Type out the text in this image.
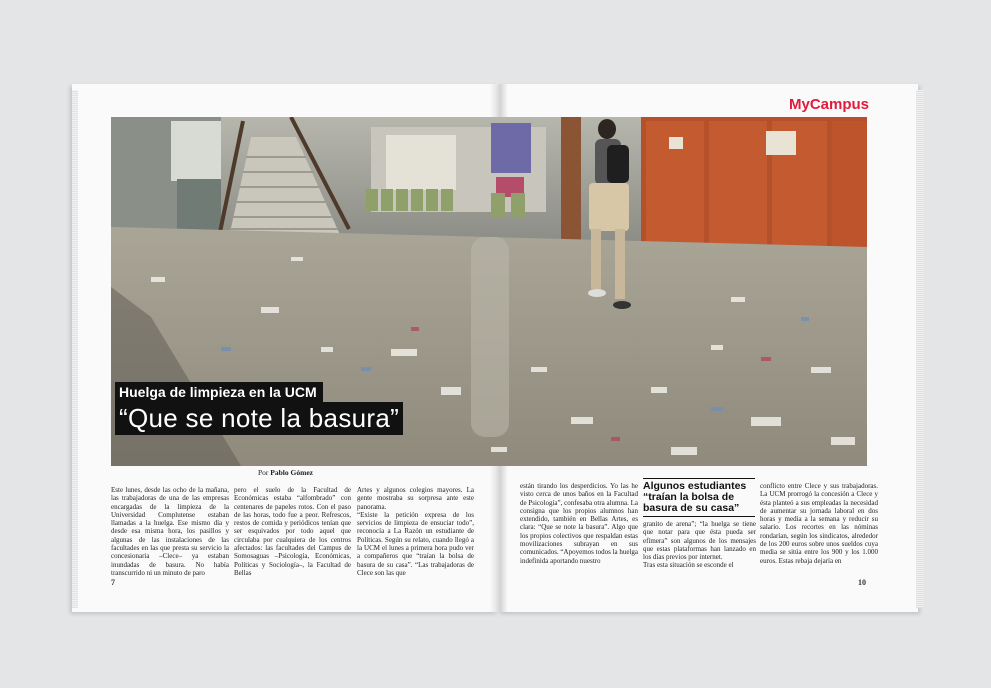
MyCampus
Huelga de limpieza en la UCM
“Que se note la basura”
Por Pablo Gómez

Este lunes, desde las ocho de la mañana, las trabajadoras de una de las empresas encargadas de la limpieza de la Universidad Complutense estaban llamadas a la huelga. Ese mismo día y desde esa misma hora, los pasillos y algunas de las instalaciones de las facultades en las que presta su servicio la concesionaria –Clece– ya estaban inundadas de basura. No había transcurrido ni un minuto de paro

pero el suelo de la Facultad de Económicas estaba “alfombrado” con centenares de papeles rotos. Con el paso de las horas, todo fue a peor. Refrescos, restos de comida y periódicos tenían que ser esquivados por todo aquel que circulaba por cualquiera de los centros afectados: las facultades del Campus de Somosaguas –Psicología, Económicas, Políticas y Sociología–, la Facultad de Bellas

Artes y algunos colegios mayores. La gente mostraba su sorpresa ante este panorama.
“Existe la petición expresa de los servicios de limpieza de ensuciar todo”, reconocía a La Razón un estudiante de Políticas. Según su relato, cuando llegó a la UCM el lunes a primera hora pudo ver a compañeros que “traían la bolsa de basura de su casa”. “Las trabajadoras de Clece son las que

están tirando los desperdicios. Yo las he visto cerca de unos baños en la Facultad de Psicología”, confesaba otra alumna. La consigna que los propios alumnos han extendido, también en Bellas Artes, es clara: “Que se note la basura”. Algo que los propios colectivos que respaldan estas movilizaciones subrayan en sus comunicados. “Apoyemos todos la huelga indefinida aportando nuestro

Algunos estudiantes “traían la bolsa de basura de su casa”

granito de arena”; “la huelga se tiene que notar para que ésta pueda ser efímera” son algunos de los mensajes que estas plataformas han lanzado en los días previos por internet.
Tras esta situación se esconde el

conflicto entre Clece y sus trabajadoras. La UCM prorrogó la concesión a Clece y ésta planteó a sus empleadas la necesidad de aumentar su jornada laboral en dos horas y media a la semana y reducir su salario. Los recortes en las nóminas rondarían, según los sindicatos, alrededor de los 200 euros sobre unos sueldos cuya media se sitúa entre los 900 y los 1.000 euros. Estas rebaja dejaría en

7	10
